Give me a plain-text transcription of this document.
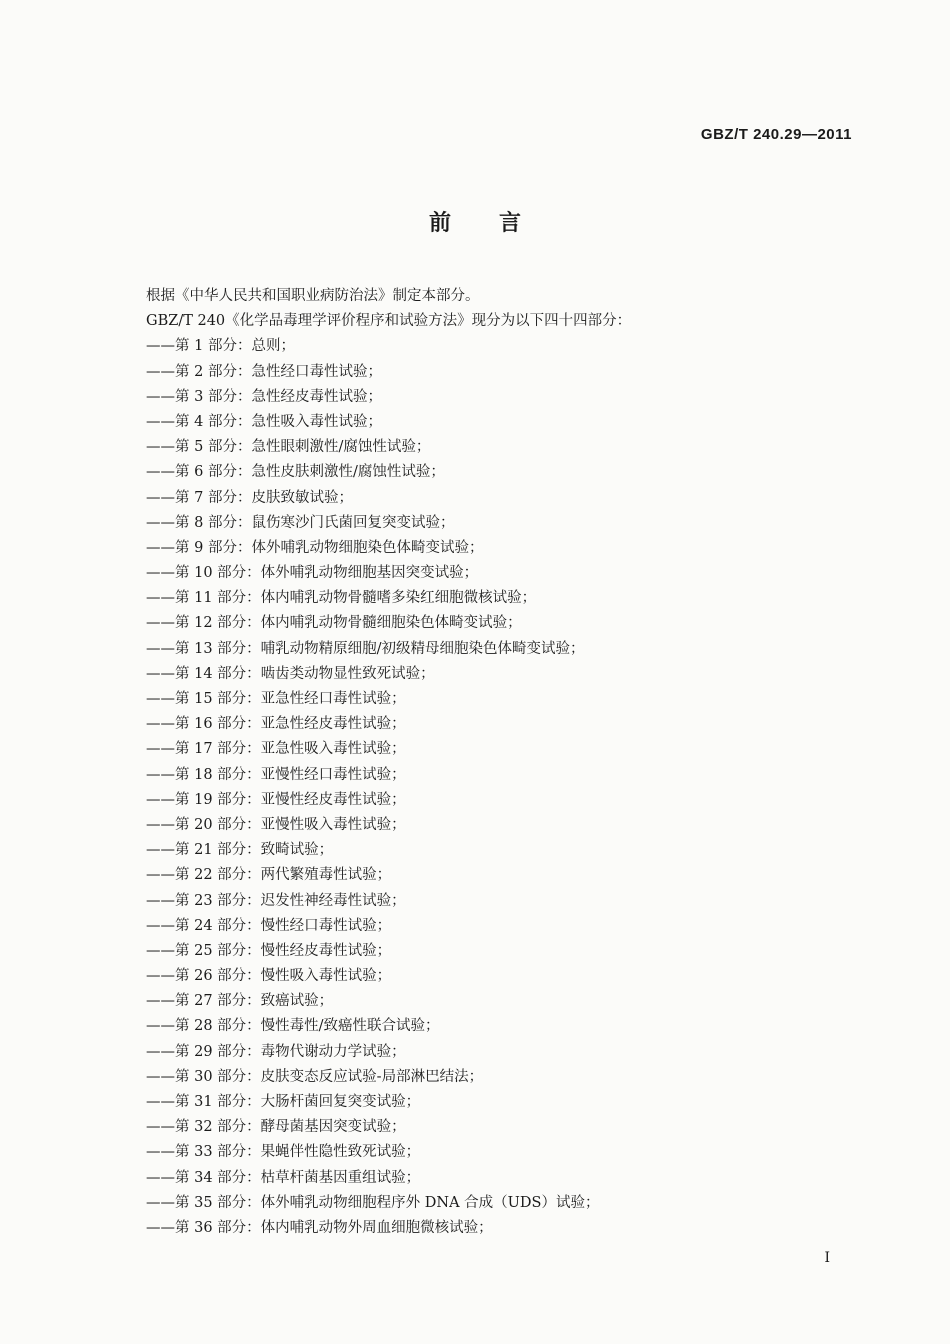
GBZ/T 240.29—2011
前言
根据《中华人民共和国职业病防治法》制定本部分。
GBZ/T 240《化学品毒理学评价程序和试验方法》现分为以下四十四部分：
——第 1 部分：总则；
——第 2 部分：急性经口毒性试验；
——第 3 部分：急性经皮毒性试验；
——第 4 部分：急性吸入毒性试验；
——第 5 部分：急性眼刺激性/腐蚀性试验；
——第 6 部分：急性皮肤刺激性/腐蚀性试验；
——第 7 部分：皮肤致敏试验；
——第 8 部分：鼠伤寒沙门氏菌回复突变试验；
——第 9 部分：体外哺乳动物细胞染色体畸变试验；
——第 10 部分：体外哺乳动物细胞基因突变试验；
——第 11 部分：体内哺乳动物骨髓嗜多染红细胞微核试验；
——第 12 部分：体内哺乳动物骨髓细胞染色体畸变试验；
——第 13 部分：哺乳动物精原细胞/初级精母细胞染色体畸变试验；
——第 14 部分：啮齿类动物显性致死试验；
——第 15 部分：亚急性经口毒性试验；
——第 16 部分：亚急性经皮毒性试验；
——第 17 部分：亚急性吸入毒性试验；
——第 18 部分：亚慢性经口毒性试验；
——第 19 部分：亚慢性经皮毒性试验；
——第 20 部分：亚慢性吸入毒性试验；
——第 21 部分：致畸试验；
——第 22 部分：两代繁殖毒性试验；
——第 23 部分：迟发性神经毒性试验；
——第 24 部分：慢性经口毒性试验；
——第 25 部分：慢性经皮毒性试验；
——第 26 部分：慢性吸入毒性试验；
——第 27 部分：致癌试验；
——第 28 部分：慢性毒性/致癌性联合试验；
——第 29 部分：毒物代谢动力学试验；
——第 30 部分：皮肤变态反应试验-局部淋巴结法；
——第 31 部分：大肠杆菌回复突变试验；
——第 32 部分：酵母菌基因突变试验；
——第 33 部分：果蝇伴性隐性致死试验；
——第 34 部分：枯草杆菌基因重组试验；
——第 35 部分：体外哺乳动物细胞程序外 DNA 合成（UDS）试验；
——第 36 部分：体内哺乳动物外周血细胞微核试验；
I
